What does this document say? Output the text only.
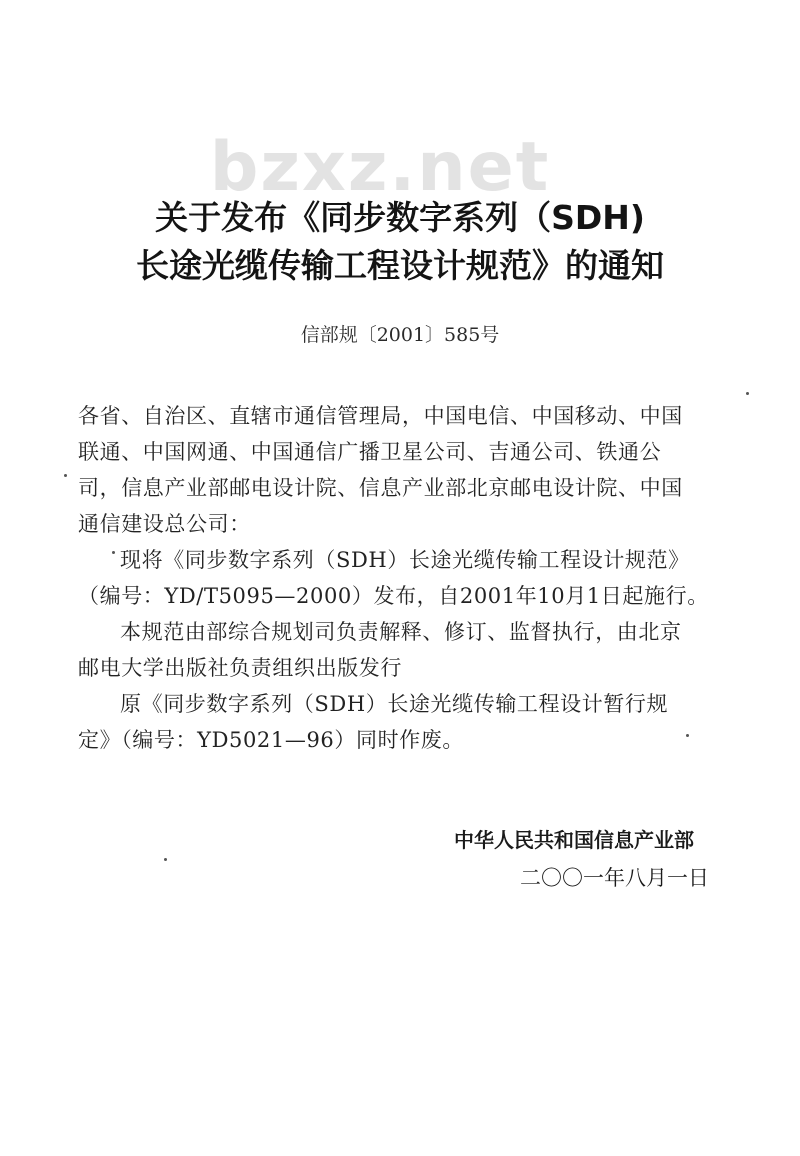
bzxz.net
关于发布《同步数字系列（SDH)
长途光缆传输工程设计规范》的通知
信部规〔2001〕585号
各省、自治区、直辖市通信管理局，中国电信、中国移动、中国
联通、中国网通、中国通信广播卫星公司、吉通公司、铁通公
司，信息产业部邮电设计院、信息产业部北京邮电设计院、中国
通信建设总公司：
现将《同步数字系列（SDH）长途光缆传输工程设计规范》
（编号：YD/T5095—2000）发布，自2001年10月1日起施行。
本规范由部综合规划司负责解释、修订、监督执行，由北京
邮电大学出版社负责组织出版发行
原《同步数字系列（SDH）长途光缆传输工程设计暂行规
定》（编号：YD5021—96）同时作废。
中华人民共和国信息产业部
二〇〇一年八月一日
